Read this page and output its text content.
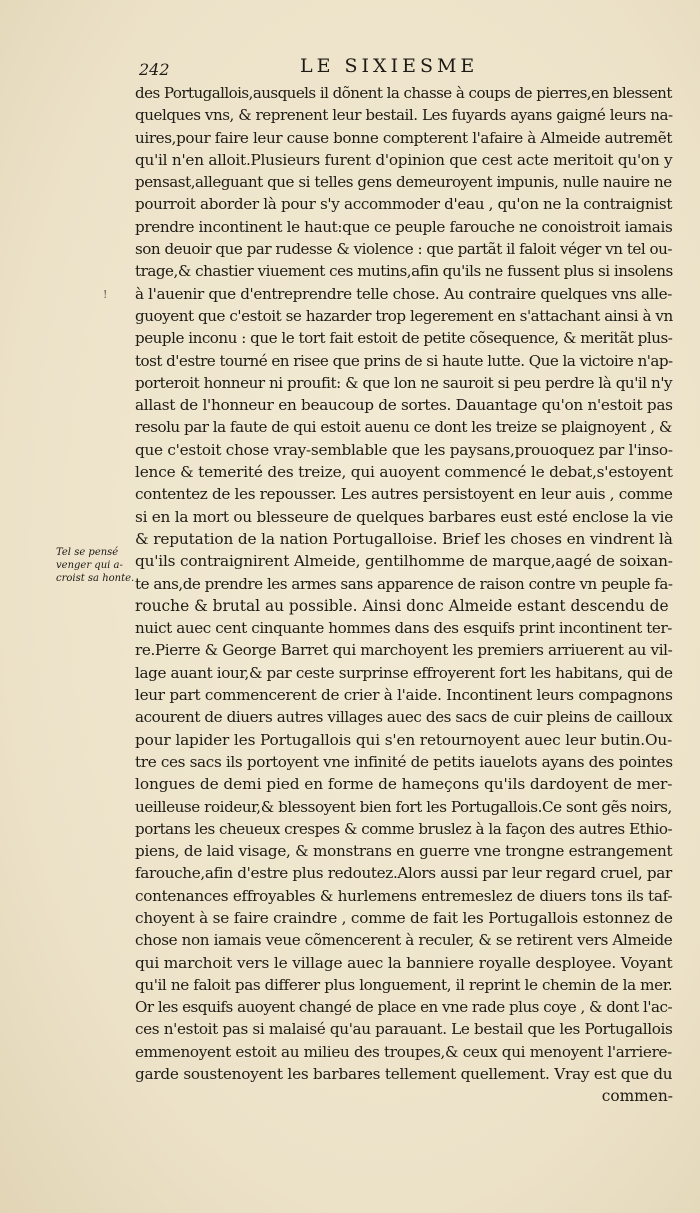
242	LE SIXIESME
!
Tel se pensé
venger qui a-
croist sa honte.
des Portugallois,ausquels il dõnent la chasse à coups de pierres,en blessent
quelques vns, & reprenent leur bestail. Les fuyards ayans gaigné leurs na-
uires,pour faire leur cause bonne compterent l'afaire à Almeide autremẽt
qu'il n'en alloit.Plusieurs furent d'opinion que cest acte meritoit qu'on y
pensast,alleguant que si telles gens demeuroyent impunis, nulle nauire ne
pourroit aborder là pour s'y accommoder d'eau , qu'on ne la contraignist
prendre incontinent le haut:que ce peuple farouche ne conoistroit iamais
son deuoir que par rudesse & violence : que partãt il faloit véger vn tel ou-
trage,& chastier viuement ces mutins,afin qu'ils ne fussent plus si insolens
à l'auenir que d'entreprendre telle chose. Au contraire quelques vns alle-
guoyent que c'estoit se hazarder trop legerement en s'attachant ainsi à vn
peuple inconu : que le tort fait estoit de petite cõsequence, & meritãt plus-
tost d'estre tourné en risee que prins de si haute lutte. Que la victoire n'ap-
porteroit honneur ni proufit: & que lon ne sauroit si peu perdre là qu'il n'y
allast de l'honneur en beaucoup de sortes. Dauantage qu'on n'estoit pas
resolu par la faute de qui estoit auenu ce dont les treize se plaignoyent , &
que c'estoit chose vray-semblable que les paysans,prouoquez par l'inso-
lence & temerité des treize, qui auoyent commencé le debat,s'estoyent
contentez de les repousser. Les autres persistoyent en leur auis , comme
si en la mort ou blesseure de quelques barbares eust esté enclose la vie
& reputation de la nation Portugalloise. Brief les choses en vindrent là
qu'ils contraignirent Almeide, gentilhomme de marque,aagé de soixan-
te ans,de prendre les armes sans apparence de raison contre vn peuple fa-
rouche & brutal au possible. Ainsi donc Almeide estant descendu de
nuict auec cent cinquante hommes dans des esquifs print incontinent ter-
re.Pierre & George Barret qui marchoyent les premiers arriuerent au vil-
lage auant iour,& par ceste surprinse effroyerent fort les habitans, qui de
leur part commencerent de crier à l'aide. Incontinent leurs compagnons
acourent de diuers autres villages auec des sacs de cuir pleins de cailloux
pour lapider les Portugallois qui s'en retournoyent auec leur butin.Ou-
tre ces sacs ils portoyent vne infinité de petits iauelots ayans des pointes
longues de demi pied en forme de hameçons qu'ils dardoyent de mer-
ueilleuse roideur,& blessoyent bien fort les Portugallois.Ce sont gẽs noirs,
portans les cheueux crespes & comme bruslez à la façon des autres Ethio-
piens, de laid visage, & monstrans en guerre vne trongne estrangement
farouche,afin d'estre plus redoutez.Alors aussi par leur regard cruel, par
contenances effroyables & hurlemens entremeslez de diuers tons ils taf-
choyent à se faire craindre , comme de fait les Portugallois estonnez de
chose non iamais veue cõmencerent à reculer, & se retirent vers Almeide
qui marchoit vers le village auec la banniere royalle desployee. Voyant
qu'il ne faloit pas differer plus longuement, il reprint le chemin de la mer.
Or les esquifs auoyent changé de place en vne rade plus coye , & dont l'ac-
ces n'estoit pas si malaisé qu'au parauant. Le bestail que les Portugallois
emmenoyent estoit au milieu des troupes,& ceux qui menoyent l'arriere-
garde soustenoyent les barbares tellement quellement. Vray est que du
commen-
